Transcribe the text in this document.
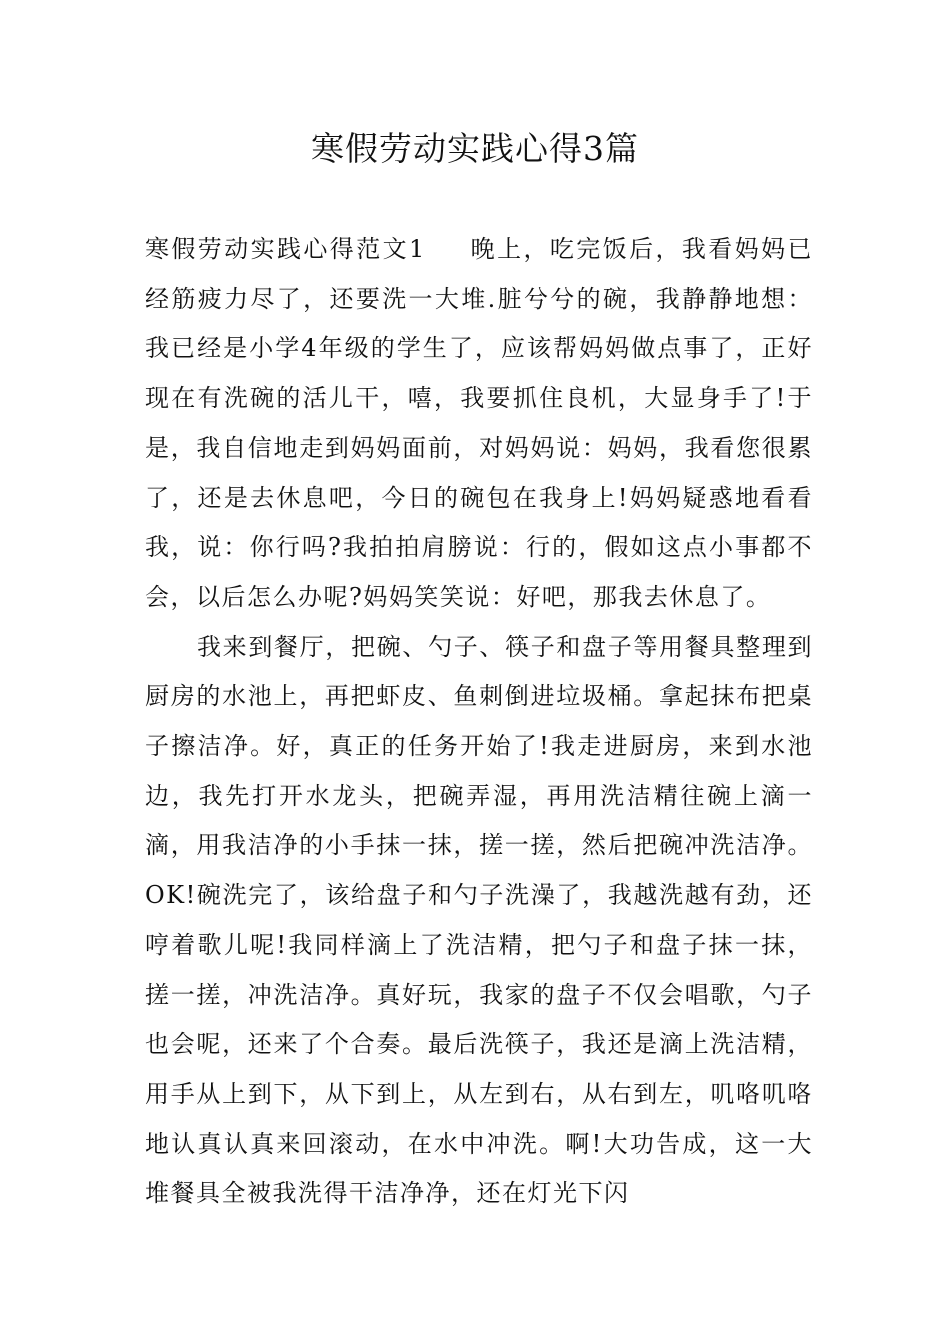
寒假劳动实践心得3篇

寒假劳动实践心得范文1 晚上，吃完饭后，我看妈妈已经筋疲力尽了，还要洗一大堆.脏兮兮的碗，我静静地想：我已经是小学4年级的学生了，应该帮妈妈做点事了，正好现在有洗碗的活儿干，嘻，我要抓住良机，大显身手了!于是，我自信地走到妈妈面前，对妈妈说：妈妈，我看您很累了，还是去休息吧，今日的碗包在我身上!妈妈疑惑地看看我，说：你行吗?我拍拍肩膀说：行的，假如这点小事都不会，以后怎么办呢?妈妈笑笑说：好吧，那我去休息了。

我来到餐厅，把碗、勺子、筷子和盘子等用餐具整理到厨房的水池上，再把虾皮、鱼刺倒进垃圾桶。拿起抹布把桌子擦洁净。好，真正的任务开始了!我走进厨房，来到水池边，我先打开水龙头，把碗弄湿，再用洗洁精往碗上滴一滴，用我洁净的小手抹一抹，搓一搓，然后把碗冲洗洁净。OK!碗洗完了，该给盘子和勺子洗澡了，我越洗越有劲，还哼着歌儿呢!我同样滴上了洗洁精，把勺子和盘子抹一抹，搓一搓，冲洗洁净。真好玩，我家的盘子不仅会唱歌，勺子也会呢，还来了个合奏。最后洗筷子，我还是滴上洗洁精，用手从上到下，从下到上，从左到右，从右到左，叽咯叽咯地认真认真来回滚动，在水中冲洗。啊!大功告成，这一大堆餐具全被我洗得干洁净净，还在灯光下闪
